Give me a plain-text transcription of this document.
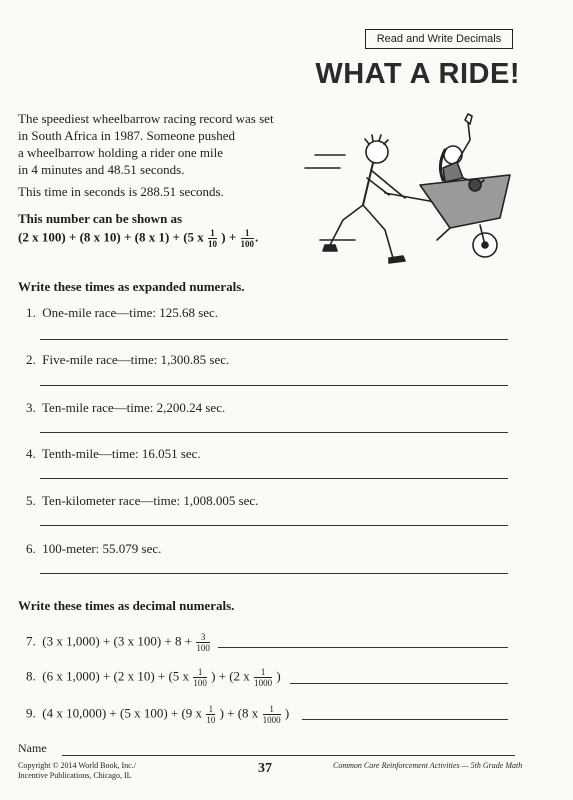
Read and Write Decimals
WHAT A RIDE!

The speediest wheelbarrow racing record was set

in South Africa in 1987. Someone pushed

a wheelbarrow holding a rider one mile

in 4 minutes and 48.51 seconds.

This time in seconds is 288.51 seconds.
This number can be shown as
(2 x 100) + (8 x 10) + (8 x 1) + (5 x $\frac{1}{10}$ ) + $\frac{1}{100}$ .
Write these times as expanded numerals.
1. One-mile race—time: 125.68 sec.
2. Five-mile race—time: 1,300.85 sec.
3. Ten-mile race—time: 2,200.24 sec.
4. Tenth-mile—time: 16.051 sec.
5. Ten-kilometer race—time: 1,008.005 sec.
6. 100-meter: 55.079 sec.
Write these times as decimal numerals.
7. (3 x 1,000) + (3 x $100) + 8 + \frac{3}{100}$
8. (6 x 1,000) + (2 x 10) + (5 x $\frac{1}{100}$ ) + (2 x $\frac{1}{1000}$ )
9. (4 x 10,000) + (5 x 100) + (9 x $\frac{1}{10}$ ) + (8 x $\frac{1}{1000}$ )
Name
Copyright © 2014 World Book, Inc./
Incentive Publications, Chicago, IL	37	Common Core Reinforcement Activities — 5th Grade Math
